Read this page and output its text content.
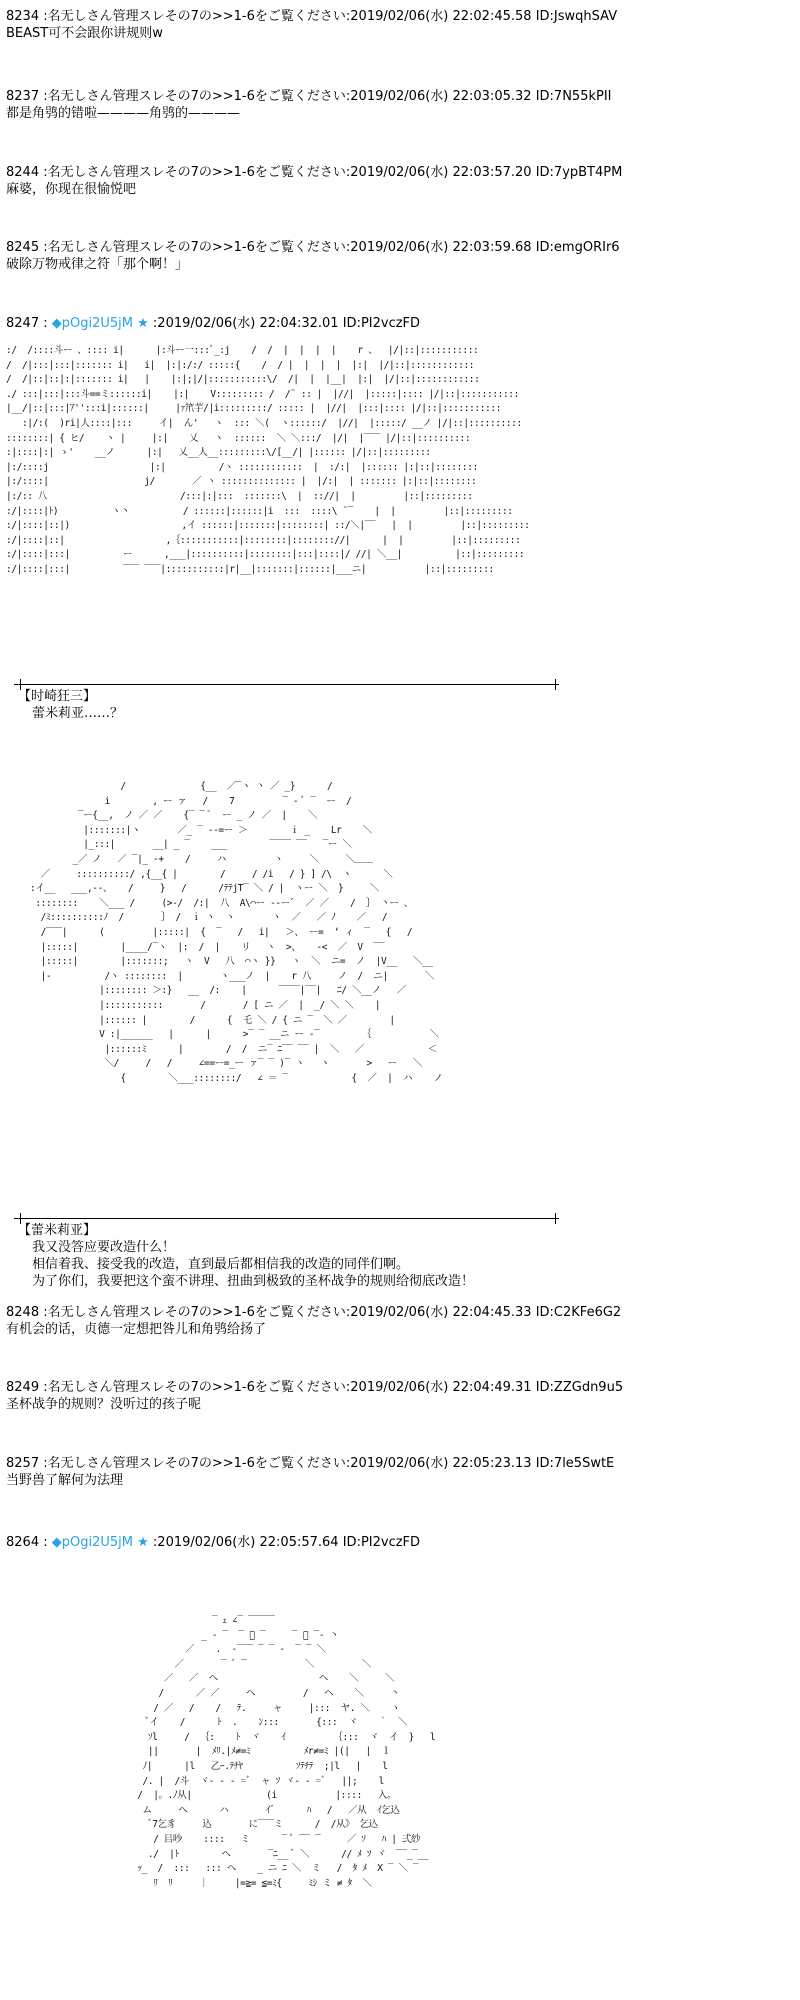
8234 :名无しさん管理スレその7の>>1-6をご覧ください:2019/02/06(水) 22:02:45.58 ID:JswqhSAV
BEAST可不会跟你讲规则w
8237 :名无しさん管理スレその7の>>1-6をご覧ください:2019/02/06(水) 22:03:05.32 ID:7N55kPII
都是角鸮的错啦————角鸮的————
8244 :名无しさん管理スレその7の>>1-6をご覧ください:2019/02/06(水) 22:03:57.20 ID:7ypBT4PM
麻婆，你现在很愉悦吧
8245 :名无しさん管理スレその7の>>1-6をご覧ください:2019/02/06(水) 22:03:59.68 ID:emgORIr6
破除万物戒律之符「那个啊！」
8247 : ◆pOgi2U5jM ★ :2019/02/06(水) 22:04:32.01 ID:PI2vczFD
:/  /::::斗ー 、:::: i|      |:斗ー一:::ﾞ_:j    /  /  |  |  |  |    r 、  |/|::|:::::::::::
/  /|:::|:::|::::::: i|   i|  |:|:/:/ :::::{    /  / |  |  |  |  |:|  |/|::|::::::::::::
/  /|::|::|:|::::::: i|   |    |:|;|/|:::::::::::\/  /|  |  |__|  |:|  |/|::|::::::::::::
./ :::|:::|:::斗==ミ::::::i|    |:|    V::::::::: /  /¨ :: |  |//|  |:::::|:::: |/|::|:::::::::::
|__/|::|:::|ｱ'':::i|::::::|     |ｧ笊芋/|i:::::::::/ ::::: |  |//|  |:::|:::: |/|::|:::::::::::
:|/:(  )ri|人::::|:::     イ|  ん'   ヽ  ::: ＼(  ヽ::::::/  |//|  |:::::/ __ノ |/|::|::::::::::
::::::::| { ヒ/    ヽ |     |:|    乂   ヽ  ::::::  ＼ ＼:::/  |/|  |‾‾‾ |/|::|::::::::::
:|::::|:| ゝ'    __ノ      |:|   乂__人__:::::::::\/[__/| |:::::: |/|::|:::::::::
|:/::::j                   |:|          /ヽ ::::::::::::  |  :/:|  |:::::: |:|::|::::::::
|:/::::|                  j/       ／ ヽ :::::::::::::: |  |/:|  | ::::::: |:|::|::::::::
|:/:: 八                         /:::|:|:::  :::::::\  |  :://|  |         |::|:::::::::
:/|::::|ﾄ)          ヽ丶          / ::::::|::::::|i  :::  ::::\ ¨‾    |  |         |::|:::::::::
:/|::::|::|)                     ,イ ::::::|:::::::|::::::::| ::/＼|‾‾   |  |         |::|:::::::::
:/|::::|::|                   ,｛:::::::::::|::::::::|:::::::://|      |  |         |::|:::::::::
:/|::::|:::|          ー      ,___|::::::::::|::::::::|:::|::::|/ //| ＼__|          |::|:::::::::
:/|::::|:::|          ‾‾‾ ‾‾‾|:::::::::::|r|__|:::::::|::::::|___ニ|           |::|:::::::::
【时崎狂三】
蕾米莉亚……？
/              {__  ／‾ヽ 丶 ／ _}      /
i        , ー ァ   /    7         ‾ - ﾞ ‾  ー  /
‾ー{__,  ノ ／ ／    {‾ ‾ ﾟ  ー _ ノ ／  |    ＼
|:::::::|ヽ       ／_ ‾ --=ー ＞        ｉ _    Lr    ＼
|_:::|       __| _ ‾    ___        ‾‾‾‾ ‾‾   ‾ー ＼
_／ ノ   ／ ‾|_ -+    /     ハ         ヽ     ＼     ＼＿＿
／     ::::::::::/ ,{__{ |        /     / /i   / } ] /\  ヽ      ＼
:イ__   ___,--、   /     }   /      /ﾃﾃjT‾ ＼ / |  ヽー ＼  }     ＼
::::::::    ＼___ /     (>‐/  /:|  八  A\⌒ー ‐-ーﾞ  ／ ／    /  ｝ 丶ー 、
/ﾐ::::::::::ﾉ  /       ｝ /  ｉ ヽ  ヽ       ヽ  ／   ／ ﾉ    ／   /
/‾‾‾|      (         |:::::|  {  ‾   /   i|   ＞、 ー=  ‘ ィ  ‾   {   /
|:::::|        |____/‾ヽ  |:  /  |    リ   ヽ  >、   ‐<  ／  V  ‾‾
|:::::|        |:::::::;   ヽ  V   八  ⌒ヽ }}   ヽ  ＼  ニ=  ノ  |V__   ＼__
|‐          /ヽ ::::::::  |       ヽ___ノ  |    r 八     ノ  /  ニ|       ＼
|:::::::: ＞:}   __  /:    |      ‾‾‾‾|‾‾|   ﾆ/ ＼__ノ   ／
|:::::::::::       /       / [ ニ ／  |  _/ ＼ ＼    |
|:::::: |        /      {  乇 ＼ / { ニ ‾  ＼ ／        |
V :|______   |      |      >‾ ‾ __ニ ー ‐‾        ｛           ＼
|::::::ﾐ      |        /  /  ニ‾ ﾆ‾‾ ‾‾ |  ＼   ／            ＜
＼/     /   /     ∠==ー=_ー ァ‾ ‾ )‾ ヽ   ヽ       >   ー   ＼
{        ＼___::::::::/   ∠ ＝ ‾            {  ／  |  ハ    ノ
【蕾米莉亚】
我又没答应要改造什么！
相信着我、接受我的改造，直到最后都相信我的改造的同伴们啊。
为了你们，我要把这个蛮不讲理、扭曲到极致的圣杯战争的规则给彻底改造！
8248 :名无しさん管理スレその7の>>1-6をご覧ください:2019/02/06(水) 22:04:45.33 ID:C2KFe6G2
有机会的话，贞德一定想把咎儿和角鸮给扬了
8249 :名无しさん管理スレその7の>>1-6をご覧ください:2019/02/06(水) 22:04:49.31 ID:ZZGdn9u5
圣杯战争的规则？没听过的孩子呢
8257 :名无しさん管理スレその7の>>1-6をご覧ください:2019/02/06(水) 22:05:23.13 ID:7le5SwtE
当野兽了解何为法理
8264 : ◆pOgi2U5jM ★ :2019/02/06(水) 22:05:57.64 ID:PI2vczFD
‾ ｪ ∠‾ ‾‾‾‾‾
_ - ‾  ‾ ﾞ ‾     ‾ ﾞ ‾- 丶
／    .  -‾‾‾ ‾ ‾ -  ‾ ‾ ＼
／       ‾ ﾞ ‾           ＼         ＼
／   ／  ヘ                   ヘ    ＼     ＼
/      ／ ／     ヘ         /   ヘ    ＼     丶
/ ／   /    /   ﾃ.     ャ     |:::  ヤ. ＼    ヽ
ﾞイ    /      ﾄ  .    ﾝ:::       {:::  ヾ    ｀  ＼
ｿl     /  ｛:    ﾄ  ヾ    ｲ         ｛:::  ヾ  イ  }   l
||       |  ﾒﾘ.|ﾒ≠=ﾐ          ﾒr≠=ﾐ |(|   |  ｌ
ﾉ|      |l   乙ｰ.ﾃﾁﾔ          ｿﾃﾁﾃ  ;|l   |    l
/. |  /斗  ヾ‐ ‐ ‐ =ﾞ  ャ ｿ ヾ‐ ‐ =ﾞ   ||;    l
/  |。.ﾉ从|              (i           |::::   入。
ム     へ      ハ       ｲﾞ      ﾊ   /   ／从  ｲ乞込
ﾞ7乞豸     込       に‾‾‾ミ      /  /从》 乞込
/ 㠯吵    ::::   ミ      ‾ ﾞ ‾‾ ‾     ／ ｿ   ﾊ | 弍紗
./  |ﾄ        ヘ       ‾ﾆ__ ﾞ ＼      // ﾒ ｿ ヾ  ‾‾_‾__
ｯ_  /  :::   ::: ヘ    _ ニ ﾆ ＼  ミ   /  ﾀ ﾒ  X ‾ ＼ ‾
ﾘ  ﾘ     ｜     |=≧= ≦=ﾐ{     ﾐｼ ミ ≠ ﾀ  ＼
